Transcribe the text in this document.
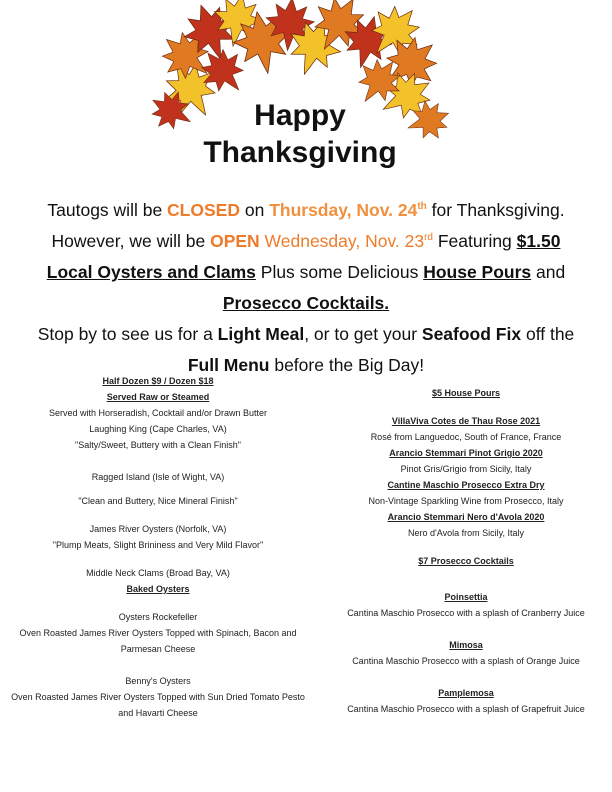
Happy
Thanksgiving
Tautogs will be CLOSED on Thursday, Nov. 24th for Thanksgiving.
However, we will be OPEN Wednesday, Nov. 23rd Featuring $1.50
Local Oysters and Clams Plus some Delicious House Pours and
Prosecco Cocktails.
Stop by to see us for a Light Meal, or to get your Seafood Fix off the
Full Menu before the Big Day!
Half Dozen $9 / Dozen $18
Served Raw or Steamed
Served with Horseradish, Cocktail and/or Drawn Butter
Laughing King (Cape Charles, VA)
"Salty/Sweet, Buttery with a Clean Finish"
Ragged Island (Isle of Wight, VA)
"Clean and Buttery, Nice Mineral Finish"
James River Oysters (Norfolk, VA)
"Plump Meats, Slight Brininess and Very Mild Flavor"
Middle Neck Clams (Broad Bay, VA)
Baked Oysters
Oysters Rockefeller
Oven Roasted James River Oysters Topped with Spinach, Bacon and
Parmesan Cheese
Benny's Oysters
Oven Roasted James River Oysters Topped with Sun Dried Tomato Pesto
and Havarti Cheese
$5 House Pours
VillaViva Cotes de Thau Rose 2021
Rosé from Languedoc, South of France, France
Arancio Stemmari Pinot Grigio 2020
Pinot Gris/Grigio from Sicily, Italy
Cantine Maschio Prosecco Extra Dry
Non-Vintage Sparkling Wine from Prosecco, Italy
Arancio Stemmari Nero d'Avola 2020
Nero d'Avola from Sicily, Italy
$7 Prosecco Cocktails
Poinsettia
Cantina Maschio Prosecco with a splash of Cranberry Juice
Mimosa
Cantina Maschio Prosecco with a splash of Orange Juice
Pamplemosa
Cantina Maschio Prosecco with a splash of Grapefruit Juice
